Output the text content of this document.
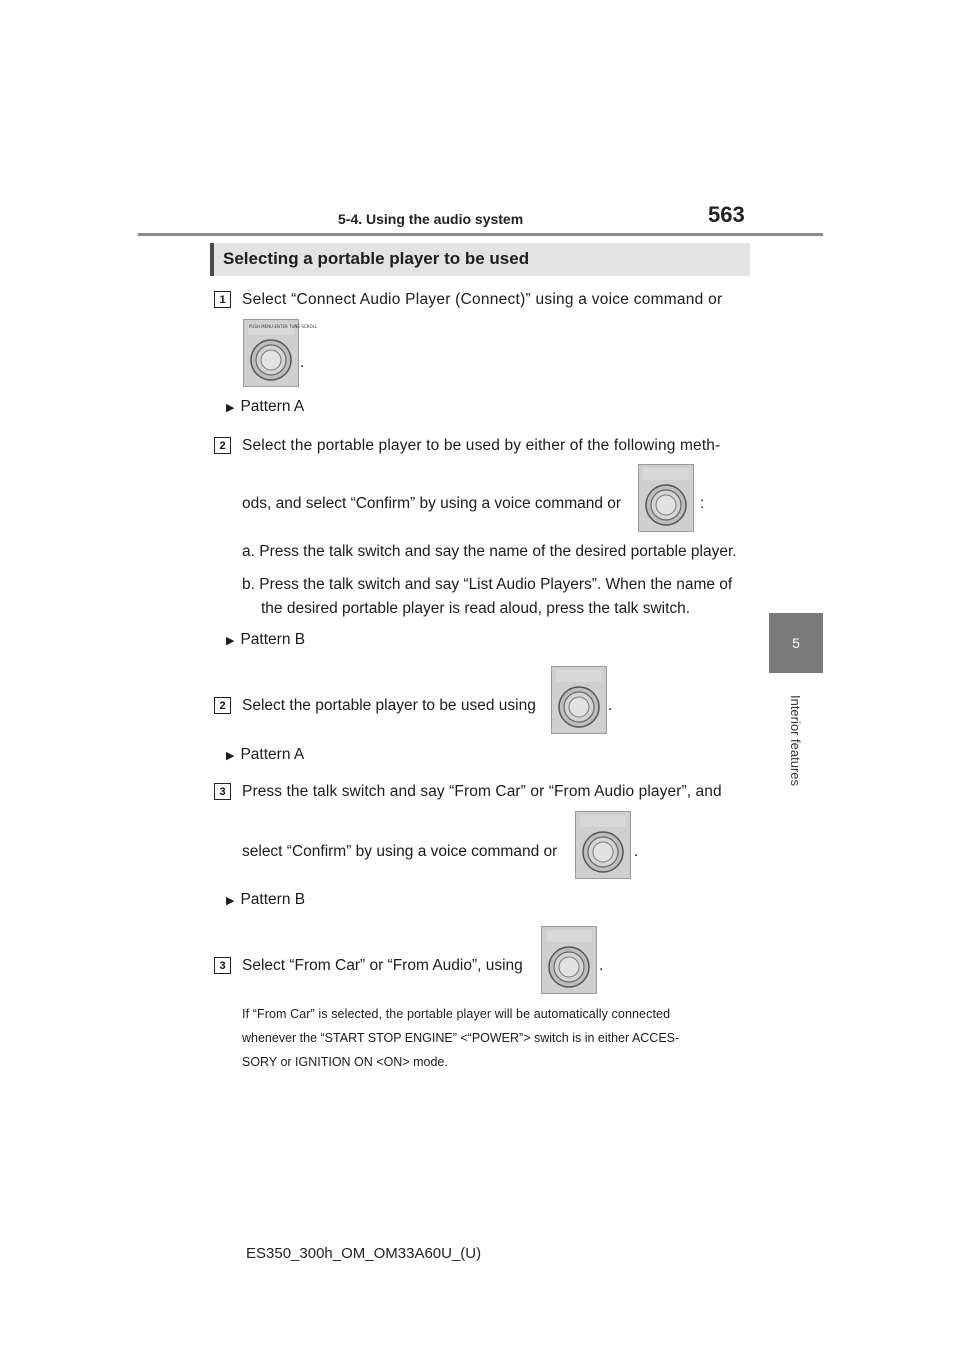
5-4. Using the audio system	563
5
Interior features
Selecting a portable player to be used
1	Select “Connect Audio Player (Connect)” using a voice command or
PUSH MENU-ENTER TUNE-SCROLL
.
▶ Pattern A
2	Select the portable player to be used by either of the following meth-
ods, and select “Confirm” by using a voice command or	:
a. Press the talk switch and say the name of the desired portable player.
b. Press the talk switch and say “List Audio Players”. When the name of
the desired portable player is read aloud, press the talk switch.
▶ Pattern B
2	Select the portable player to be used using	.
▶ Pattern A
3	Press the talk switch and say “From Car” or “From Audio player”, and
select “Confirm” by using a voice command or	.
▶ Pattern B
3	Select “From Car” or “From Audio”, using	.
If “From Car” is selected, the portable player will be automatically connected
whenever the “START STOP ENGINE” <“POWER”> switch is in either ACCES-
SORY or IGNITION ON <ON> mode.
ES350_300h_OM_OM33A60U_(U)
